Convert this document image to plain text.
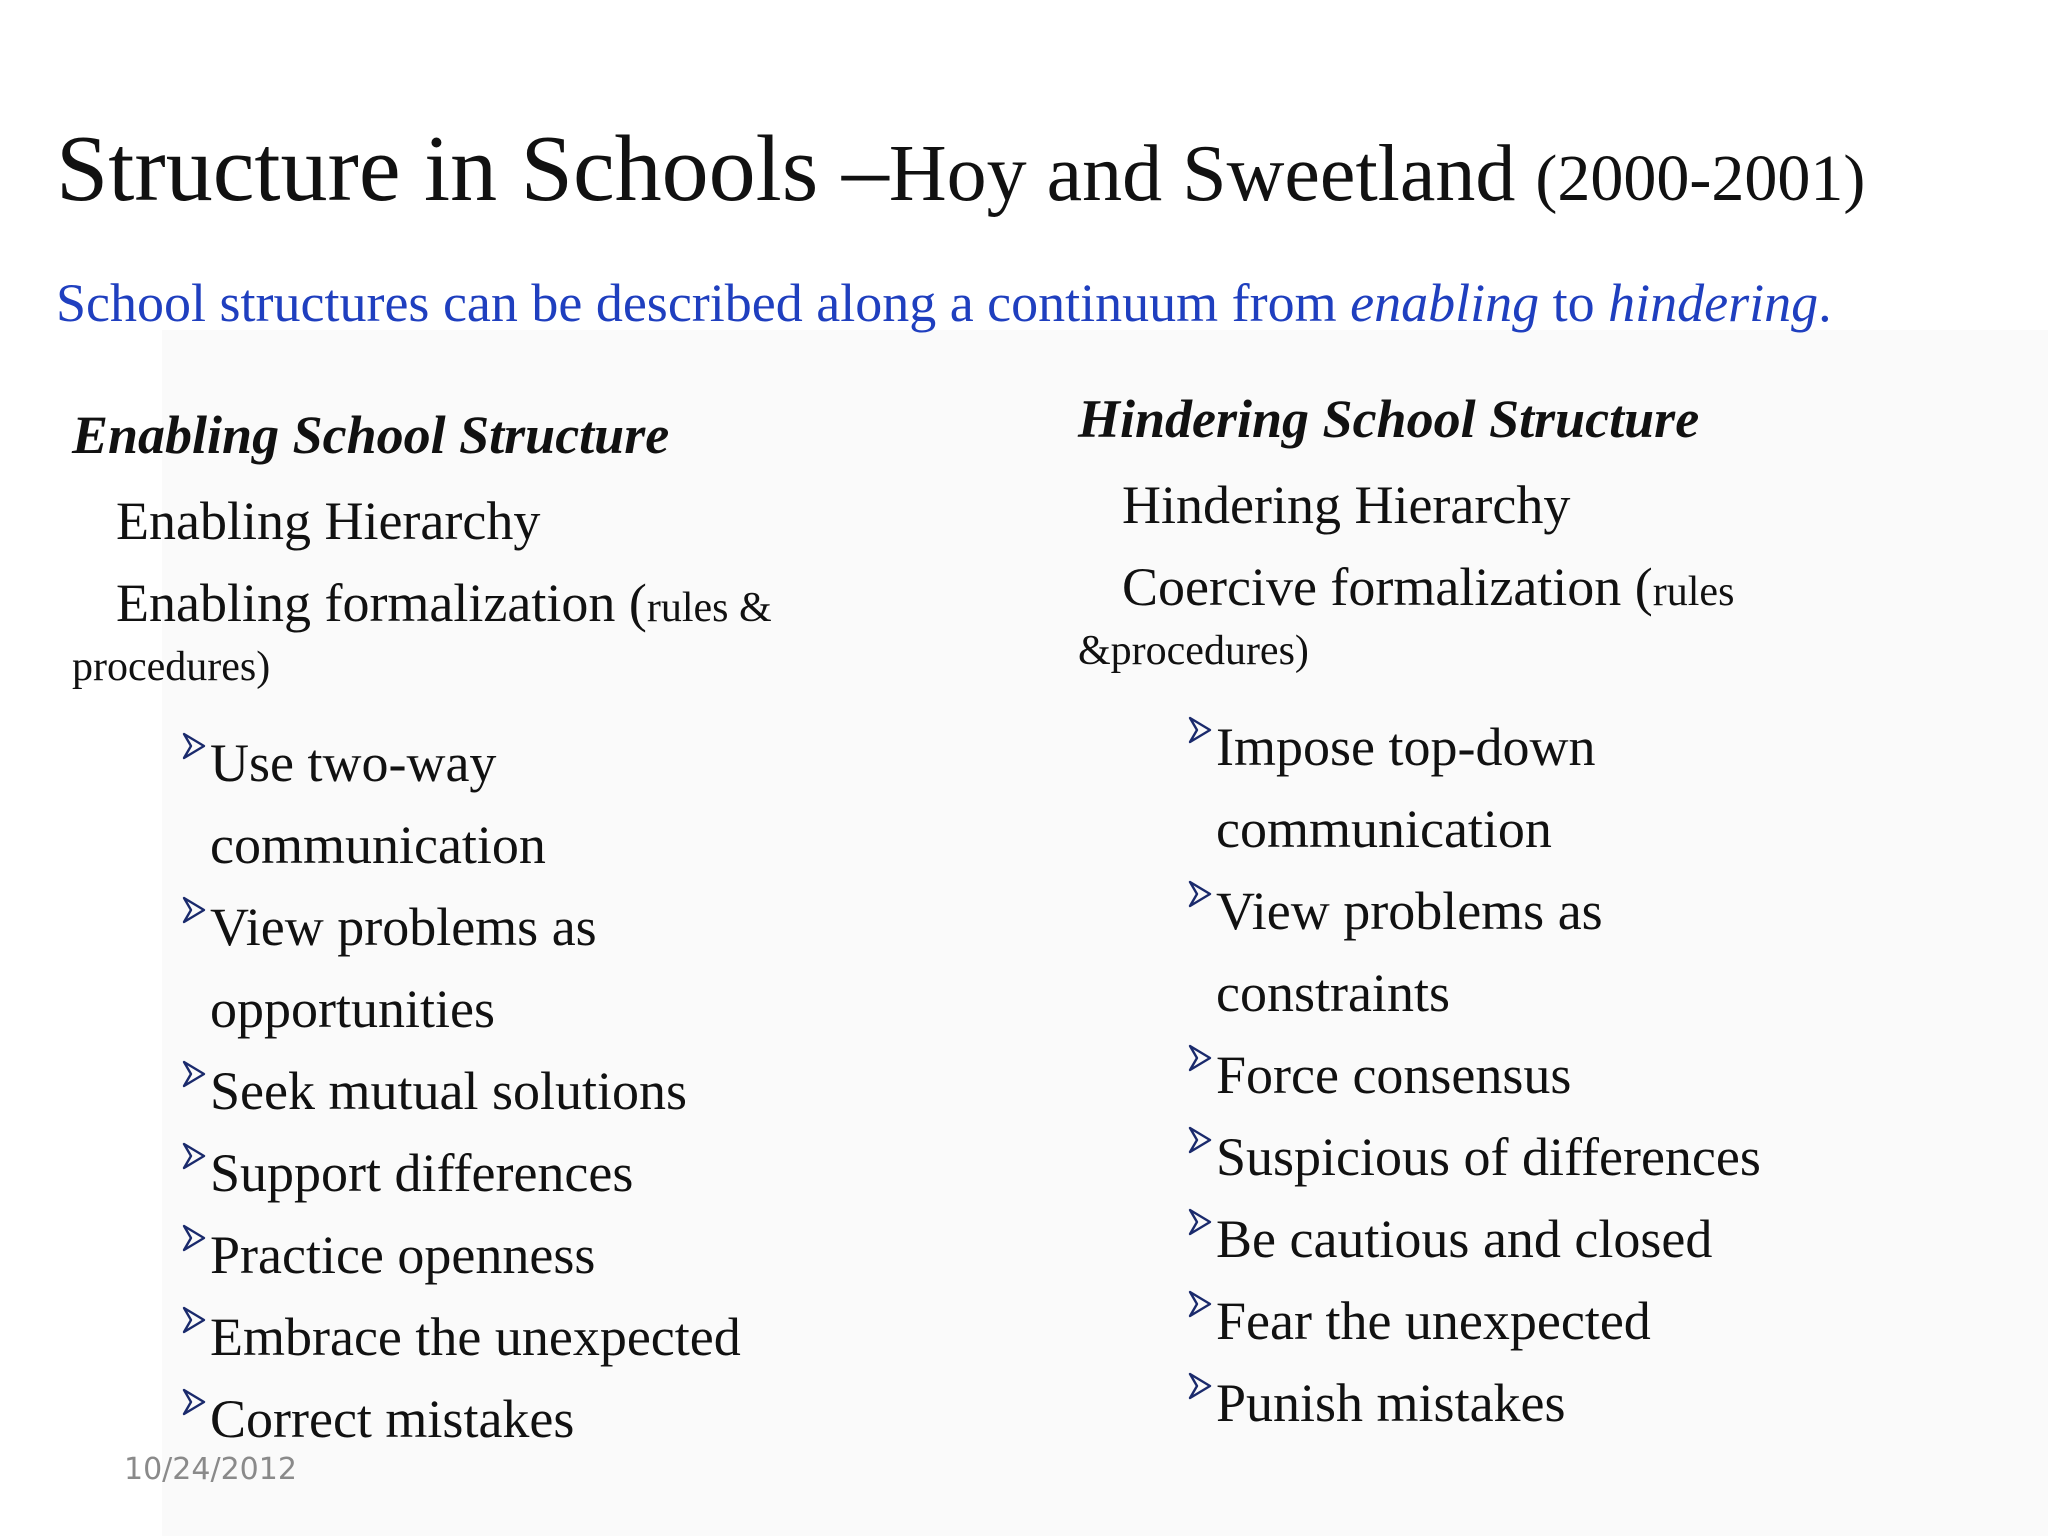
Structure in Schools –Hoy and Sweetland (2000-2001)
School structures can be described along a continuum from enabling to hindering.
Enabling School Structure
Enabling Hierarchy
Enabling formalization (rules &
procedures)
Use two-way
communication
View problems as
opportunities
Seek mutual solutions
Support differences
Practice openness
Embrace the unexpected
Correct mistakes
Hindering School Structure
Hindering Hierarchy
Coercive formalization (rules
&procedures)
Impose top-down
communication
View problems as
constraints
Force consensus
Suspicious of differences
Be cautious and closed
Fear the unexpected
Punish mistakes
10/24/2012
